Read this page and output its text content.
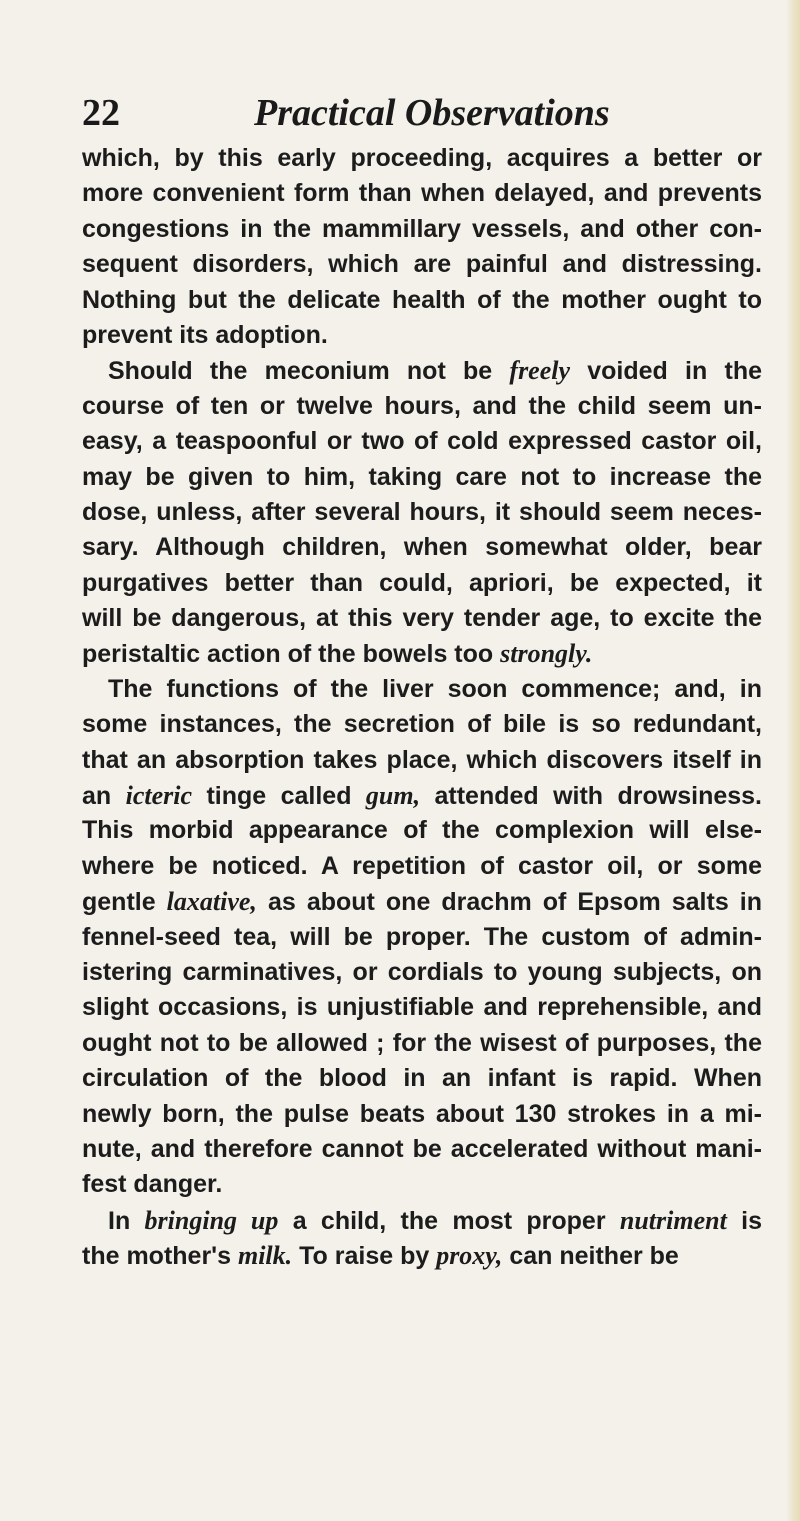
22	Practical Observations
which, by this early proceeding, acquires a better or
more convenient form than when delayed, and prevents
congestions in the mammillary vessels, and other con-
sequent disorders, which are painful and distressing.
Nothing but the delicate health of the mother ought to
prevent its adoption.
Should the meconium not be freely voided in the
course of ten or twelve hours, and the child seem un-
easy, a teaspoonful or two of cold expressed castor oil,
may be given to him, taking care not to increase the
dose, unless, after several hours, it should seem neces-
sary. Although children, when somewhat older, bear
purgatives better than could, apriori, be expected, it
will be dangerous, at this very tender age, to excite the
peristaltic action of the bowels too strongly.
The functions of the liver soon commence; and, in
some instances, the secretion of bile is so redundant,
that an absorption takes place, which discovers itself in
an icteric tinge called gum, attended with drowsiness.
This morbid appearance of the complexion will else-
where be noticed. A repetition of castor oil, or some
gentle laxative, as about one drachm of Epsom salts in
fennel-seed tea, will be proper. The custom of admin-
istering carminatives, or cordials to young subjects, on
slight occasions, is unjustifiable and reprehensible, and
ought not to be allowed ; for the wisest of purposes, the
circulation of the blood in an infant is rapid. When
newly born, the pulse beats about 130 strokes in a mi-
nute, and therefore cannot be accelerated without mani-
fest danger.
In bringing up a child, the most proper nutriment is
the mother's milk. To raise by proxy, can neither be
